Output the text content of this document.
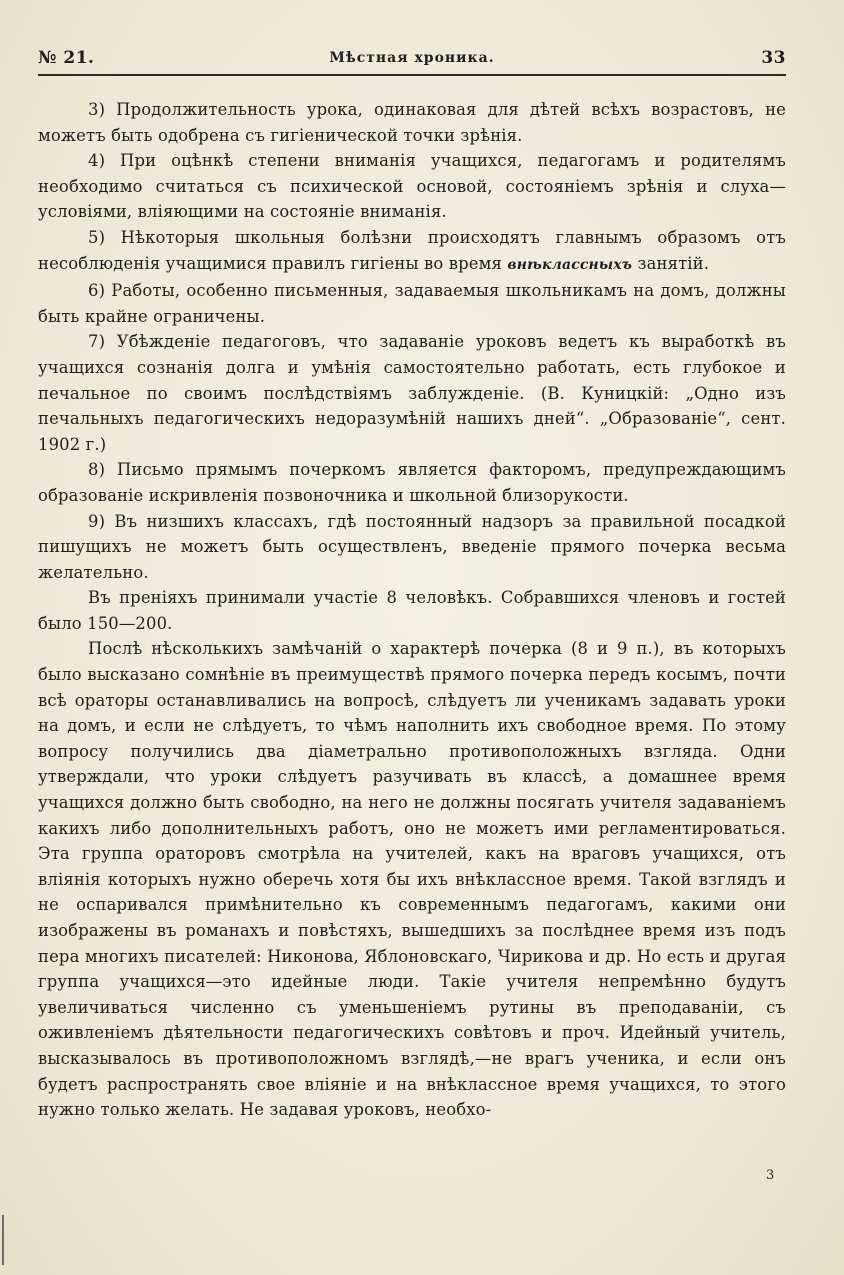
№ 21.	Мѣстная хроника.	33

3) Продолжительность урока, одинаковая для дѣтей всѣхъ возрастовъ, не можетъ быть одобрена съ гигіенической точки зрѣнія.

4) При оцѣнкѣ степени вниманія учащихся, педагогамъ и родителямъ необходимо считаться съ психической основой, состояніемъ зрѣнія и слуха—условіями, вліяющими на состояніе вниманія.

5) Нѣкоторыя школьныя болѣзни происходятъ главнымъ образомъ отъ несоблюденія учащимися правилъ гигіены во время внѣклассныхъ занятій.

6) Работы, особенно письменныя, задаваемыя школьникамъ на домъ, должны быть крайне ограничены.

7) Убѣжденіе педагоговъ, что задаваніе уроковъ ведетъ къ выработкѣ въ учащихся сознанія долга и умѣнія самостоятельно работать, есть глубокое и печальное по своимъ послѣдствіямъ заблужденіе. (В. Куницкій: „Одно изъ печальныхъ педагогическихъ недоразумѣній нашихъ дней“. „Образованіе“, сент. 1902 г.)

8) Письмо прямымъ почеркомъ является факторомъ, предупреждающимъ образованіе искривленія позвоночника и школьной близорукости.

9) Въ низшихъ классахъ, гдѣ постоянный надзоръ за правильной посадкой пишущихъ не можетъ быть осуществленъ, введеніе прямого почерка весьма желательно.

Въ преніяхъ принимали участіе 8 человѣкъ. Собравшихся членовъ и гостей было 150—200.

Послѣ нѣсколькихъ замѣчаній о характерѣ почерка (8 и 9 п.), въ которыхъ было высказано сомнѣніе въ преимуществѣ прямого почерка передъ косымъ, почти всѣ ораторы останавливались на вопросѣ, слѣдуетъ ли ученикамъ задавать уроки на домъ, и если не слѣдуетъ, то чѣмъ наполнить ихъ свободное время. По этому вопросу получились два діаметрально противоположныхъ взгляда. Одни утверждали, что уроки слѣдуетъ разучивать въ классѣ, а домашнее время учащихся должно быть свободно, на него не должны посягать учителя задаваніемъ какихъ либо дополнительныхъ работъ, оно не можетъ ими регламентироваться. Эта группа ораторовъ смотрѣла на учителей, какъ на враговъ учащихся, отъ вліянія которыхъ нужно оберечь хотя бы ихъ внѣклассное время. Такой взглядъ и не оспаривался примѣнительно къ современнымъ педагогамъ, какими они изображены въ романахъ и повѣстяхъ, вышедшихъ за послѣднее время изъ подъ пера многихъ писателей: Никонова, Яблоновскаго, Чирикова и др. Но есть и другая группа учащихся—это идейные люди. Такіе учителя непремѣнно будутъ увеличиваться численно съ уменьшеніемъ рутины въ преподаваніи, съ оживленіемъ дѣятельности педагогическихъ совѣтовъ и проч. Идейный учитель, высказывалось въ противоположномъ взглядѣ,—не врагъ ученика, и если онъ будетъ распространять свое вліяніе и на внѣклассное время учащихся, то этого нужно только желать. Не задавая уроковъ, необхо-

3
